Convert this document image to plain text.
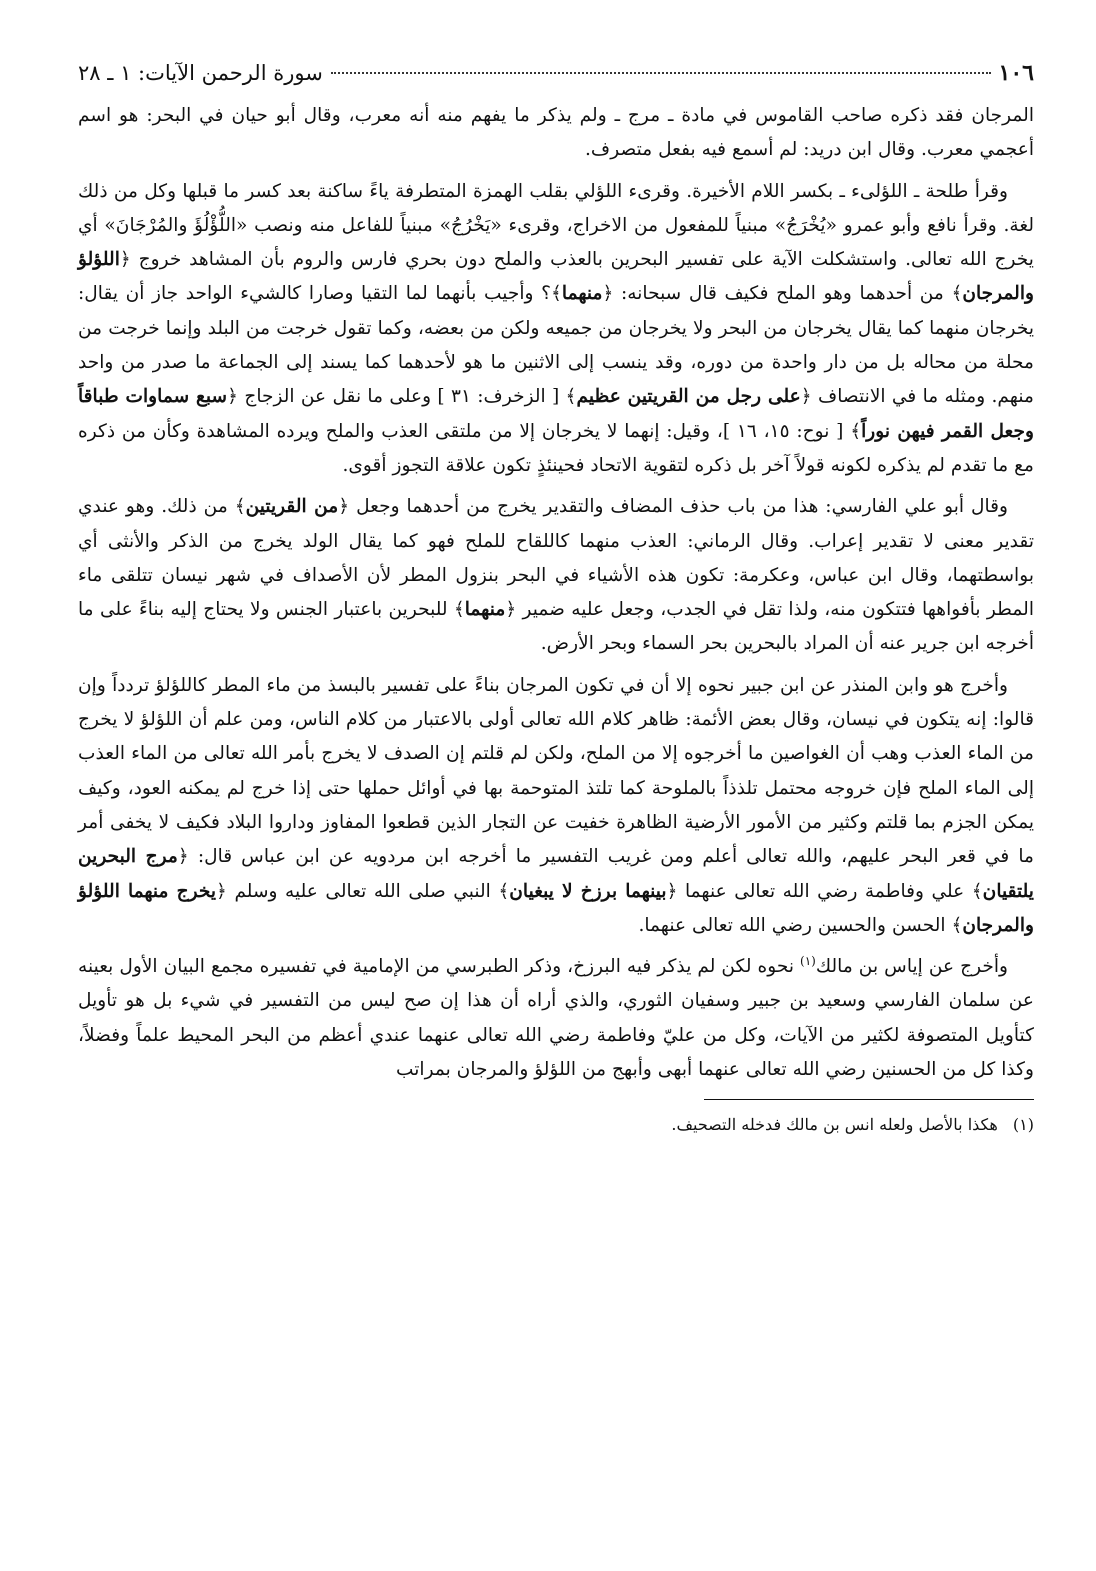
١٠٦
سورة الرحمن الآيات: ١ ـ ٢٨

المرجان فقد ذكره صاحب القاموس في مادة ـ مرج ـ ولم يذكر ما يفهم منه أنه معرب، وقال أبو حيان في البحر: هو اسم أعجمي معرب. وقال ابن دريد: لم أسمع فيه بفعل متصرف.

وقرأ طلحة ـ اللؤلىء ـ بكسر اللام الأخيرة. وقرىء اللؤلي بقلب الهمزة المتطرفة ياءً ساكنة بعد كسر ما قبلها وكل من ذلك لغة. وقرأ نافع وأبو عمرو «يُخْرَجُ» مبنياً للمفعول من الاخراج، وقرىء «يَخْرُجُ» مبنياً للفاعل منه ونصب «اللُّؤْلُؤَ والمُرْجَانَ» أي يخرج الله تعالى. واستشكلت الآية على تفسير البحرين بالعذب والملح دون بحري فارس والروم بأن المشاهد خروج ﴿اللؤلؤ والمرجان﴾ من أحدهما وهو الملح فكيف قال سبحانه: ﴿منهما﴾؟ وأجيب بأنهما لما التقيا وصارا كالشيء الواحد جاز أن يقال: يخرجان منهما كما يقال يخرجان من البحر ولا يخرجان من جميعه ولكن من بعضه، وكما تقول خرجت من البلد وإنما خرجت من محلة من محاله بل من دار واحدة من دوره، وقد ينسب إلى الاثنين ما هو لأحدهما كما يسند إلى الجماعة ما صدر من واحد منهم. ومثله ما في الانتصاف ﴿على رجل من القريتين عظيم﴾ [ الزخرف: ٣١ ] وعلى ما نقل عن الزجاج ﴿سبع سماوات طباقاً وجعل القمر فيهن نوراً﴾ [ نوح: ١٥، ١٦ ]، وقيل: إنهما لا يخرجان إلا من ملتقى العذب والملح ويرده المشاهدة وكأن من ذكره مع ما تقدم لم يذكره لكونه قولاً آخر بل ذكره لتقوية الاتحاد فحينئذٍ تكون علاقة التجوز أقوى.

وقال أبو علي الفارسي: هذا من باب حذف المضاف والتقدير يخرج من أحدهما وجعل ﴿من القريتين﴾ من ذلك. وهو عندي تقدير معنى لا تقدير إعراب. وقال الرماني: العذب منهما كاللقاح للملح فهو كما يقال الولد يخرج من الذكر والأنثى أي بواسطتهما، وقال ابن عباس، وعكرمة: تكون هذه الأشياء في البحر بنزول المطر لأن الأصداف في شهر نيسان تتلقى ماء المطر بأفواهها فتتكون منه، ولذا تقل في الجدب، وجعل عليه ضمير ﴿منهما﴾ للبحرين باعتبار الجنس ولا يحتاج إليه بناءً على ما أخرجه ابن جرير عنه أن المراد بالبحرين بحر السماء وبحر الأرض.

وأخرج هو وابن المنذر عن ابن جبير نحوه إلا أن في تكون المرجان بناءً على تفسير بالبسذ من ماء المطر كاللؤلؤ تردداً وإن قالوا: إنه يتكون في نيسان، وقال بعض الأئمة: ظاهر كلام الله تعالى أولى بالاعتبار من كلام الناس، ومن علم أن اللؤلؤ لا يخرج من الماء العذب وهب أن الغواصين ما أخرجوه إلا من الملح، ولكن لم قلتم إن الصدف لا يخرج بأمر الله تعالى من الماء العذب إلى الماء الملح فإن خروجه محتمل تلذذاً بالملوحة كما تلتذ المتوحمة بها في أوائل حملها حتى إذا خرج لم يمكنه العود، وكيف يمكن الجزم بما قلتم وكثير من الأمور الأرضية الظاهرة خفيت عن التجار الذين قطعوا المفاوز وداروا البلاد فكيف لا يخفى أمر ما في قعر البحر عليهم، والله تعالى أعلم ومن غريب التفسير ما أخرجه ابن مردويه عن ابن عباس قال: ﴿مرج البحرين يلتقيان﴾ علي وفاطمة رضي الله تعالى عنهما ﴿بينهما برزخ لا يبغيان﴾ النبي صلى الله تعالى عليه وسلم ﴿يخرج منهما اللؤلؤ والمرجان﴾ الحسن والحسين رضي الله تعالى عنهما.

وأخرج عن إياس بن مالك$^{(١)}$ نحوه لكن لم يذكر فيه البرزخ، وذكر الطبرسي من الإمامية في تفسيره مجمع البيان الأول بعينه عن سلمان الفارسي وسعيد بن جبير وسفيان الثوري، والذي أراه أن هذا إن صح ليس من التفسير في شيء بل هو تأويل كتأويل المتصوفة لكثير من الآيات، وكل من عليّ وفاطمة رضي الله تعالى عنهما عندي أعظم من البحر المحيط علماً وفضلاً، وكذا كل من الحسنين رضي الله تعالى عنهما أبهى وأبهج من اللؤلؤ والمرجان بمراتب

(١) هكذا بالأصل ولعله انس بن مالك فدخله التصحيف.
